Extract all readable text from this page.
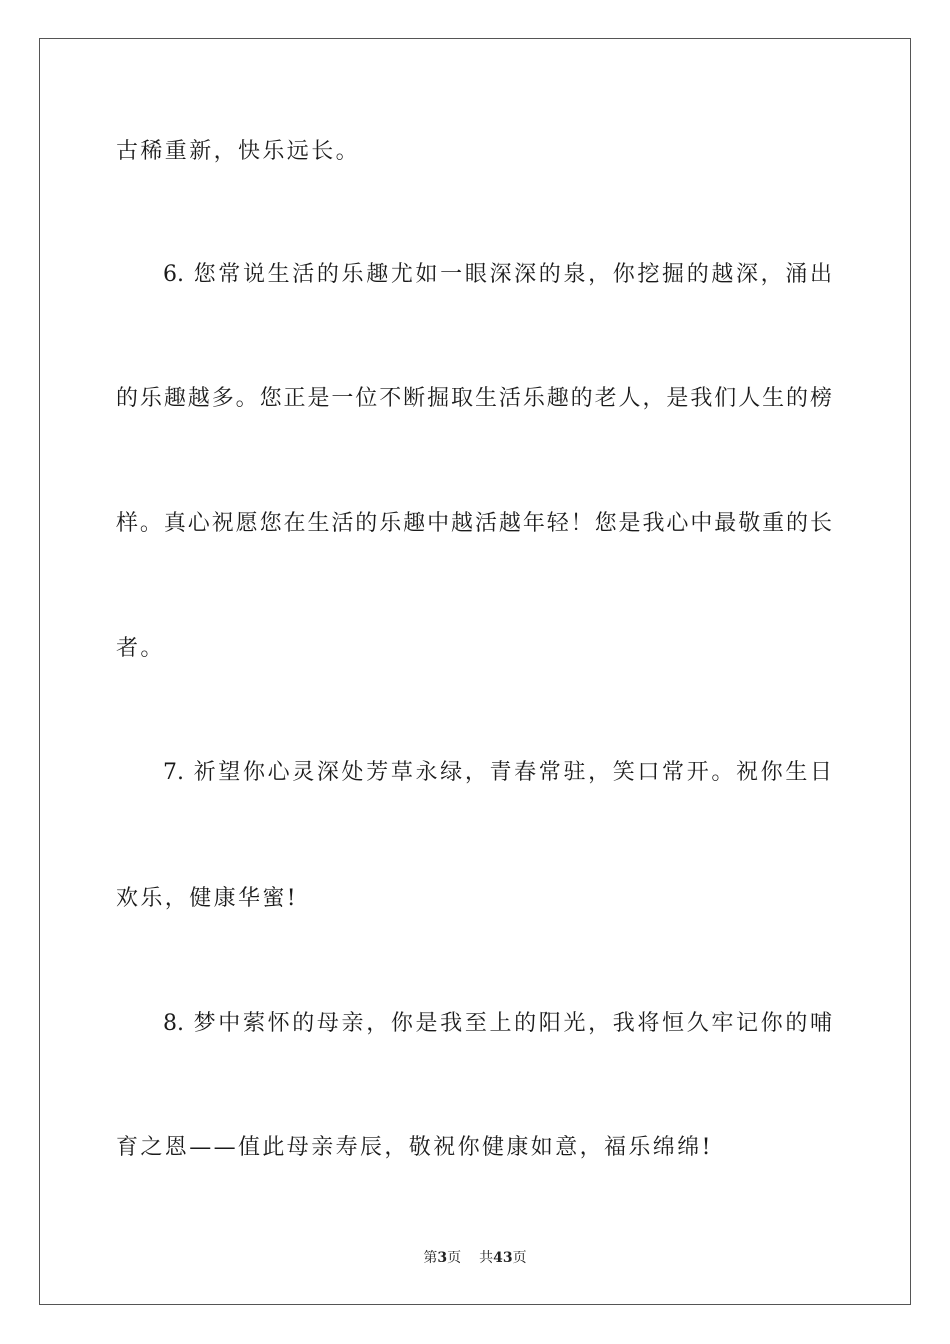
古稀重新，快乐远长。
6. 您常说生活的乐趣尤如一眼深深的泉，你挖掘的越深，涌出
的乐趣越多。您正是一位不断掘取生活乐趣的老人，是我们人生的榜
样。真心祝愿您在生活的乐趣中越活越年轻！您是我心中最敬重的长
者。
7. 祈望你心灵深处芳草永绿，青春常驻，笑口常开。祝你生日
欢乐，健康华蜜!
8. 梦中萦怀的母亲，你是我至上的阳光，我将恒久牢记你的哺
育之恩——值此母亲寿辰，敬祝你健康如意，福乐绵绵!
第3页 共43页
